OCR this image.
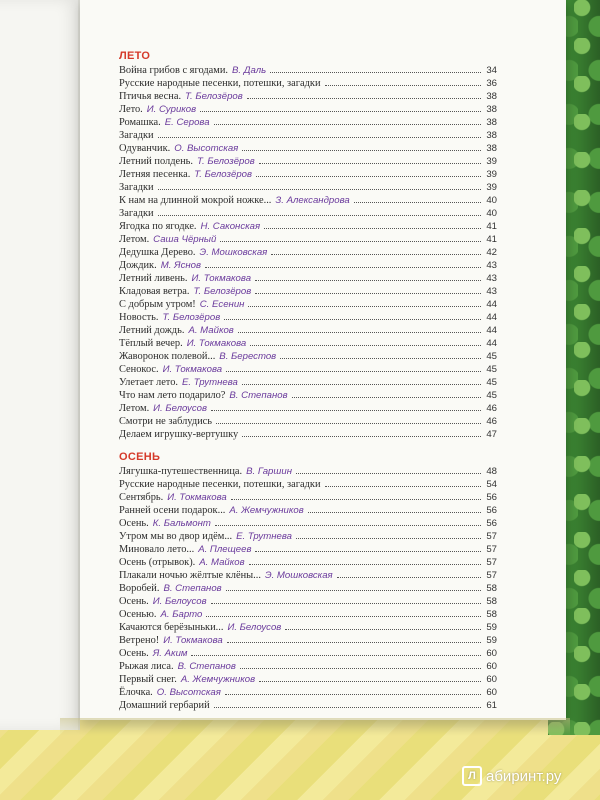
ЛЕТО
Война грибов с ягодами. В. Даль	34
Русские народные песенки, потешки, загадки	36
Птичья весна. Т. Белозёров	38
Лето. И. Суриков	38
Ромашка. Е. Серова	38
Загадки	38
Одуванчик. О. Высотская	38
Летний полдень. Т. Белозёров	39
Летняя песенка. Т. Белозёров	39
Загадки	39
К нам на длинной мокрой ножке... З. Александрова	40
Загадки	40
Ягодка по ягодке. Н. Саконская	41
Летом. Саша Чёрный	41
Дедушка Дерево. Э. Мошковская	42
Дождик. М. Яснов	43
Летний ливень. И. Токмакова	43
Кладовая ветра. Т. Белозёров	43
С добрым утром! С. Есенин	44
Новость. Т. Белозёров	44
Летний дождь. А. Майков	44
Тёплый вечер. И. Токмакова	44
Жаворонок полевой... В. Берестов	45
Сенокос. И. Токмакова	45
Улетает лето. Е. Трутнева	45
Что нам лето подарило? В. Степанов	45
Летом. И. Белоусов	46
Смотри не заблудись	46
Делаем игрушку-вертушку	47
ОСЕНЬ
Лягушка-путешественница. В. Гаршин	48
Русские народные песенки, потешки, загадки	54
Сентябрь. И. Токмакова	56
Ранней осени подарок... А. Жемчужников	56
Осень. К. Бальмонт	56
Утром мы во двор идём... Е. Трутнева	57
Миновало лето... А. Плещеев	57
Осень (отрывок). А. Майков	57
Плакали ночью жёлтые клёны... Э. Мошковская	57
Воробей. В. Степанов	58
Осень. И. Белоусов	58
Осенью. А. Барто	58
Качаются берёзыньки... И. Белоусов	59
Ветрено! И. Токмакова	59
Осень. Я. Аким	60
Рыжая лиса. В. Степанов	60
Первый снег. А. Жемчужников	60
Ёлочка. О. Высотская	60
Домашний гербарий	61
Л абиринт.ру
